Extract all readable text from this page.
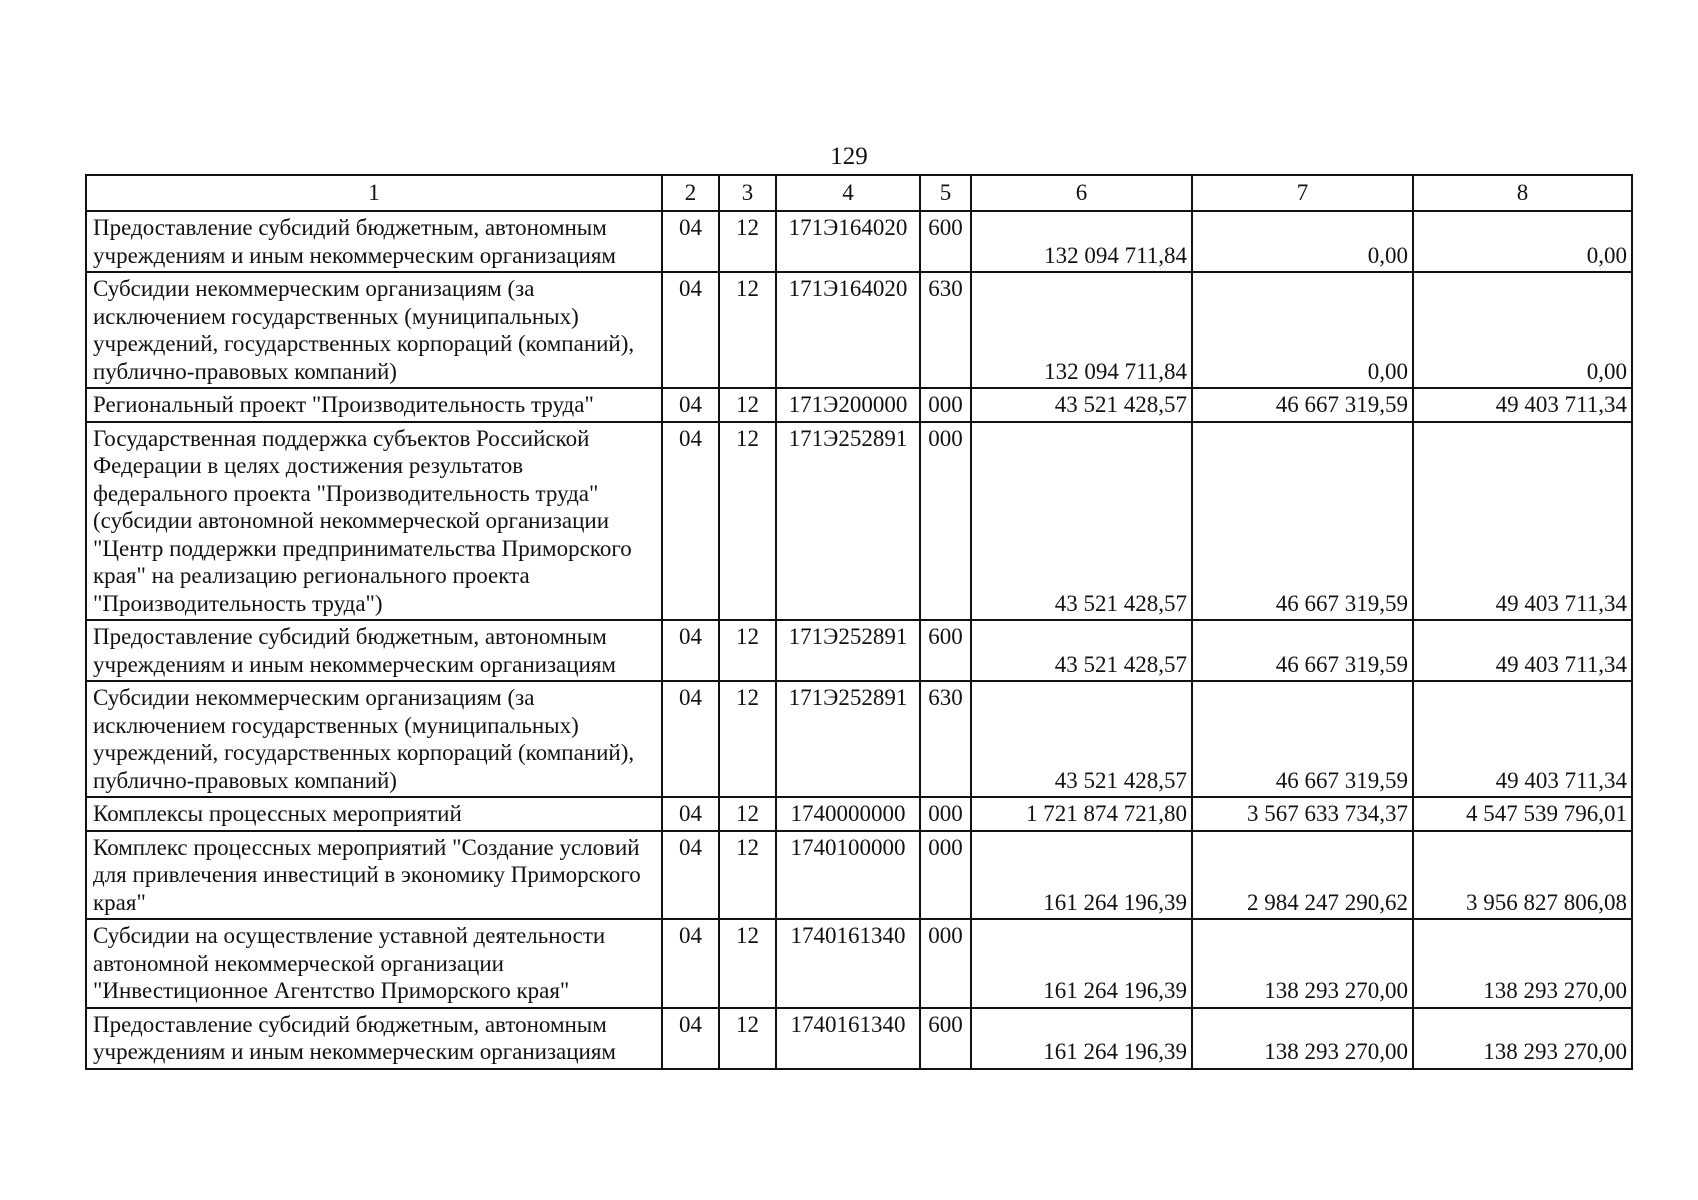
129
1	2	3	4	5	6	7	8
Предоставление субсидий бюджетным, автономным учреждениям и иным некоммерческим организациям	04	12	171Э164020	600	132 094 711,84	0,00	0,00
Субсидии некоммерческим организациям (за исключением государственных (муниципальных) учреждений, государственных корпораций (компаний), публично-правовых компаний)	04	12	171Э164020	630	132 094 711,84	0,00	0,00
Региональный проект "Производительность труда"	04	12	171Э200000	000	43 521 428,57	46 667 319,59	49 403 711,34
Государственная поддержка субъектов Российской Федерации в целях достижения результатов федерального проекта "Производительность труда" (субсидии автономной некоммерческой организации "Центр поддержки предпринимательства Приморского края" на реализацию регионального проекта "Производительность труда")	04	12	171Э252891	000	43 521 428,57	46 667 319,59	49 403 711,34
Предоставление субсидий бюджетным, автономным учреждениям и иным некоммерческим организациям	04	12	171Э252891	600	43 521 428,57	46 667 319,59	49 403 711,34
Субсидии некоммерческим организациям (за исключением государственных (муниципальных) учреждений, государственных корпораций (компаний), публично-правовых компаний)	04	12	171Э252891	630	43 521 428,57	46 667 319,59	49 403 711,34
Комплексы процессных мероприятий	04	12	1740000000	000	1 721 874 721,80	3 567 633 734,37	4 547 539 796,01
Комплекс процессных мероприятий "Создание условий для привлечения инвестиций в экономику Приморского края"	04	12	1740100000	000	161 264 196,39	2 984 247 290,62	3 956 827 806,08
Субсидии на осуществление уставной деятельности автономной некоммерческой организации "Инвестиционное Агентство Приморского края"	04	12	1740161340	000	161 264 196,39	138 293 270,00	138 293 270,00
Предоставление субсидий бюджетным, автономным учреждениям и иным некоммерческим организациям	04	12	1740161340	600	161 264 196,39	138 293 270,00	138 293 270,00
